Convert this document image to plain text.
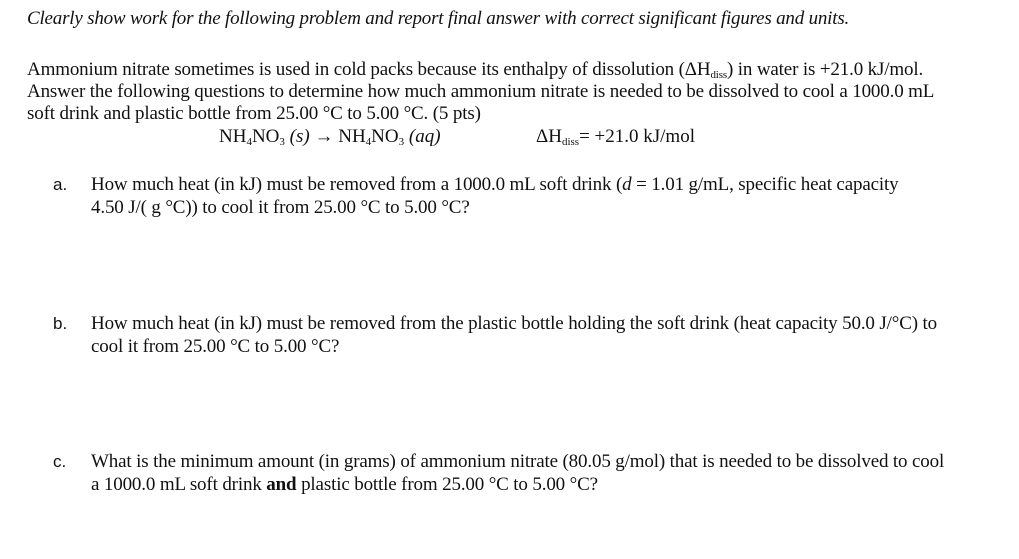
Clearly show work for the following problem and report final answer with correct significant figures and units.
Ammonium nitrate sometimes is used in cold packs because its enthalpy of dissolution $(\Delta H_{diss})$ in water is +21.0 kJ/mol.
Answer the following questions to determine how much ammonium nitrate is needed to be dissolved to cool a 1000.0 mL
soft drink and plastic bottle from 25.00 °C to 5.00 °C. (5 pts)
$NH_4NO_3$ $(s) \to NH_4NO_3$ (aq)	$\Delta H_{diss}= +21.0$ kJ/mol
a. How much heat (in kJ) must be removed from a 1000.0 mL soft drink (d = 1.01 g/mL, specific heat capacity
4.50 J/( g °C)) to cool it from 25.00 °C to 5.00 °C?
b. How much heat (in kJ) must be removed from the plastic bottle holding the soft drink (heat capacity 50.0 J/°C) to
cool it from 25.00 °C to 5.00 °C?
c. What is the minimum amount (in grams) of ammonium nitrate (80.05 g/mol) that is needed to be dissolved to cool
a 1000.0 mL soft drink and plastic bottle from 25.00 °C to 5.00 °C?
